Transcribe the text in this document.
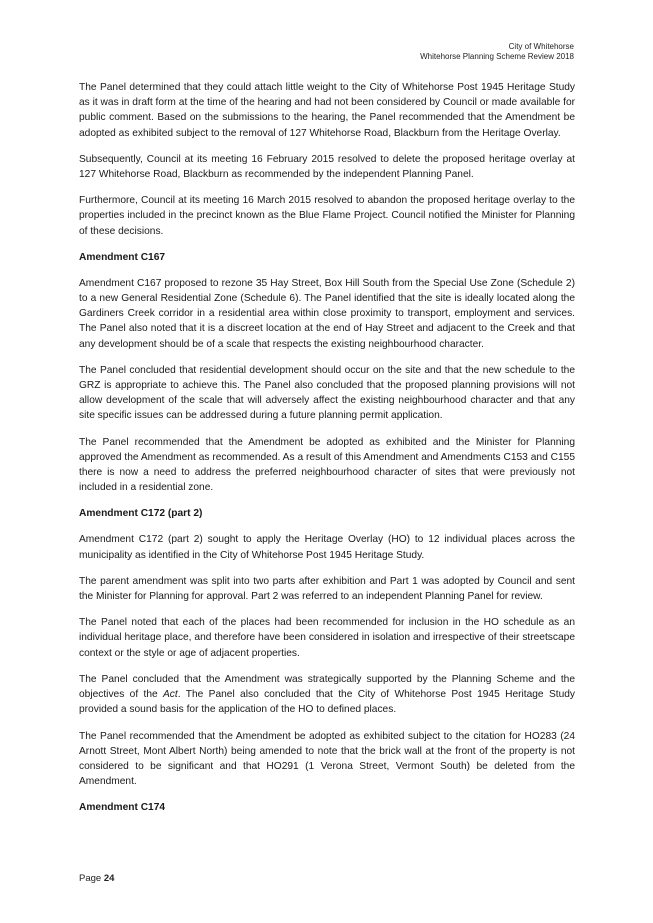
City of Whitehorse
Whitehorse Planning Scheme Review 2018

The Panel determined that they could attach little weight to the City of Whitehorse Post 1945 Heritage Study as it was in draft form at the time of the hearing and had not been considered by Council or made available for public comment. Based on the submissions to the hearing, the Panel recommended that the Amendment be adopted as exhibited subject to the removal of 127 Whitehorse Road, Blackburn from the Heritage Overlay.

Subsequently, Council at its meeting 16 February 2015 resolved to delete the proposed heritage overlay at 127 Whitehorse Road, Blackburn as recommended by the independent Planning Panel.

Furthermore, Council at its meeting 16 March 2015 resolved to abandon the proposed heritage overlay to the properties included in the precinct known as the Blue Flame Project. Council notified the Minister for Planning of these decisions.

Amendment C167

Amendment C167 proposed to rezone 35 Hay Street, Box Hill South from the Special Use Zone (Schedule 2) to a new General Residential Zone (Schedule 6). The Panel identified that the site is ideally located along the Gardiners Creek corridor in a residential area within close proximity to transport, employment and services. The Panel also noted that it is a discreet location at the end of Hay Street and adjacent to the Creek and that any development should be of a scale that respects the existing neighbourhood character.

The Panel concluded that residential development should occur on the site and that the new schedule to the GRZ is appropriate to achieve this. The Panel also concluded that the proposed planning provisions will not allow development of the scale that will adversely affect the existing neighbourhood character and that any site specific issues can be addressed during a future planning permit application.

The Panel recommended that the Amendment be adopted as exhibited and the Minister for Planning approved the Amendment as recommended. As a result of this Amendment and Amendments C153 and C155 there is now a need to address the preferred neighbourhood character of sites that were previously not included in a residential zone.

Amendment C172 (part 2)

Amendment C172 (part 2) sought to apply the Heritage Overlay (HO) to 12 individual places across the municipality as identified in the City of Whitehorse Post 1945 Heritage Study.

The parent amendment was split into two parts after exhibition and Part 1 was adopted by Council and sent the Minister for Planning for approval. Part 2 was referred to an independent Planning Panel for review.

The Panel noted that each of the places had been recommended for inclusion in the HO schedule as an individual heritage place, and therefore have been considered in isolation and irrespective of their streetscape context or the style or age of adjacent properties.

The Panel concluded that the Amendment was strategically supported by the Planning Scheme and the objectives of the Act. The Panel also concluded that the City of Whitehorse Post 1945 Heritage Study provided a sound basis for the application of the HO to defined places.

The Panel recommended that the Amendment be adopted as exhibited subject to the citation for HO283 (24 Arnott Street, Mont Albert North) being amended to note that the brick wall at the front of the property is not considered to be significant and that HO291 (1 Verona Street, Vermont South) be deleted from the Amendment.

Amendment C174
Page 24
